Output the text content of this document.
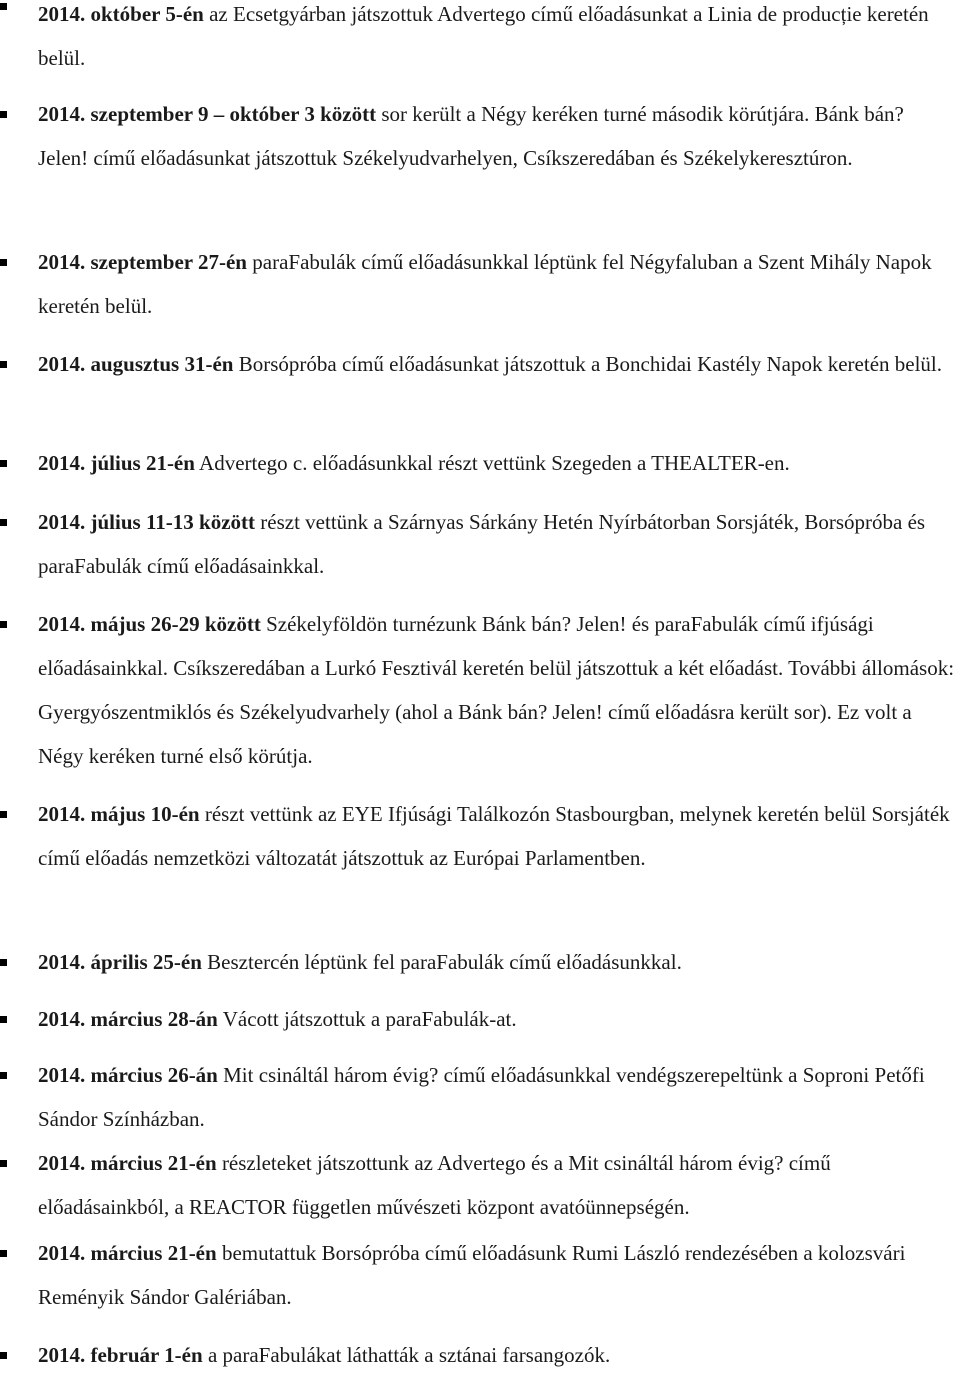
2014. október 5-én az Ecsetgyárban játszottuk Advertego című előadásunkat a Linia de producție keretén belül.

2014. szeptember 9 – október 3 között sor került a Négy keréken turné második körútjára. Bánk bán? Jelen! című előadásunkat játszottuk Székelyudvarhelyen, Csíkszeredában és Székelykeresztúron.

2014. szeptember 27-én paraFabulák című előadásunkkal léptünk fel Négyfaluban a Szent Mihály Napok keretén belül.

2014. augusztus 31-én Borsópróba című előadásunkat játszottuk a Bonchidai Kastély Napok keretén belül.

2014. július 21-én Advertego c. előadásunkkal részt vettünk Szegeden a THEALTER-en.

2014. július 11-13 között részt vettünk a Szárnyas Sárkány Hetén Nyírbátorban Sorsjáték, Borsópróba és paraFabulák című előadásainkkal.

2014. május 26-29 között Székelyföldön turnézunk Bánk bán? Jelen! és paraFabulák című ifjúsági előadásainkkal. Csíkszeredában a Lurkó Fesztivál keretén belül játszottuk a két előadást. További állomások: Gyergyószentmiklós és Székelyudvarhely (ahol a Bánk bán? Jelen! című előadásra került sor). Ez volt a Négy keréken turné első körútja.

2014. május 10-én részt vettünk az EYE Ifjúsági Találkozón Stasbourgban, melynek keretén belül Sorsjáték című előadás nemzetközi változatát játszottuk az Európai Parlamentben.

2014. április 25-én Besztercén léptünk fel paraFabulák című előadásunkkal.

2014. március 28-án Vácott játszottuk a paraFabulák-at.

2014. március 26-án Mit csináltál három évig? című előadásunkkal vendégszerepeltünk a Soproni Petőfi Sándor Színházban.

2014. március 21-én részleteket játszottunk az Advertego és a Mit csináltál három évig? című előadásainkból, a REACTOR független művészeti központ avatóünnepségén.

2014. március 21-én bemutattuk Borsópróba című előadásunk Rumi László rendezésében a kolozsvári Reményik Sándor Galériában.

2014. február 1-én a paraFabulákat láthatták a sztánai farsangozók.
